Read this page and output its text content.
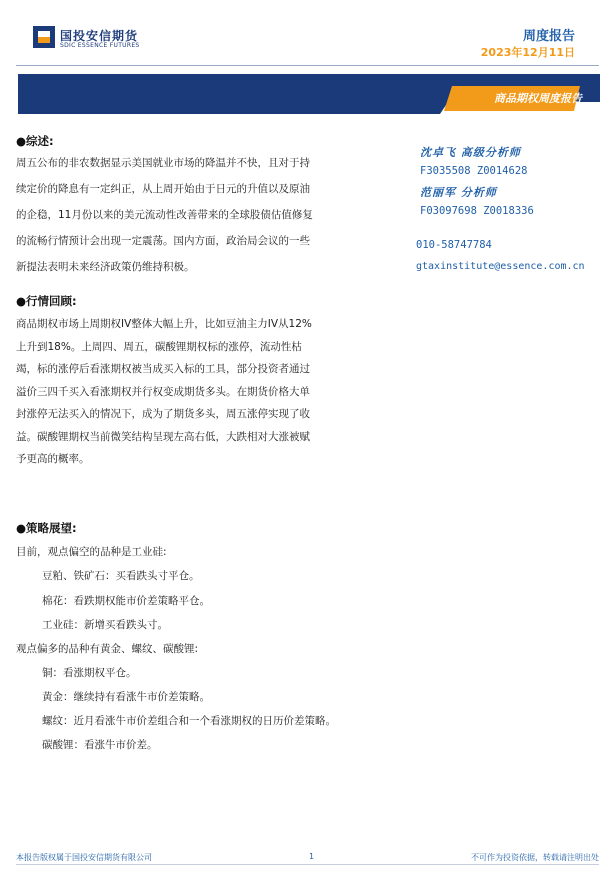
国投安信期货
SDIC ESSENCE FUTURES
周度报告
2023年12月11日
商品期权周度报告
●综述:
周五公布的非农数据显示美国就业市场的降温并不快，且对于持
续定价的降息有一定纠正，从上周开始由于日元的升值以及原油
的企稳，11月份以来的美元流动性改善带来的全球股债估值修复
的流畅行情预计会出现一定震荡。国内方面，政治局会议的一些
新提法表明未来经济政策仍维持积极。
●行情回顾:
商品期权市场上周期权IV整体大幅上升，比如豆油主力IV从12%
上升到18%。上周四、周五，碳酸锂期权标的涨停，流动性枯
竭，标的涨停后看涨期权被当成买入标的工具，部分投资者通过
溢价三四千买入看涨期权并行权变成期货多头。在期货价格大单
封涨停无法买入的情况下，成为了期货多头，周五涨停实现了收
益。碳酸锂期权当前微笑结构呈现左高右低，大跌相对大涨被赋
予更高的概率。
●策略展望:
目前，观点偏空的品种是工业硅:
豆粕、铁矿石：买看跌头寸平仓。
棉花：看跌期权能市价差策略平仓。
工业硅：新增买看跌头寸。
观点偏多的品种有黄金、螺纹、碳酸锂:
铜：看涨期权平仓。
黄金：继续持有看涨牛市价差策略。
螺纹：近月看涨牛市价差组合和一个看涨期权的日历价差策略。
碳酸锂：看涨牛市价差。
沈卓飞 高级分析师
F3035508 Z0014628
范丽军 分析师
F03097698 Z0018336
010-58747784
gtaxinstitute@essence.com.cn
本报告版权属于国投安信期货有限公司	1	不可作为投资依据，转载请注明出处
